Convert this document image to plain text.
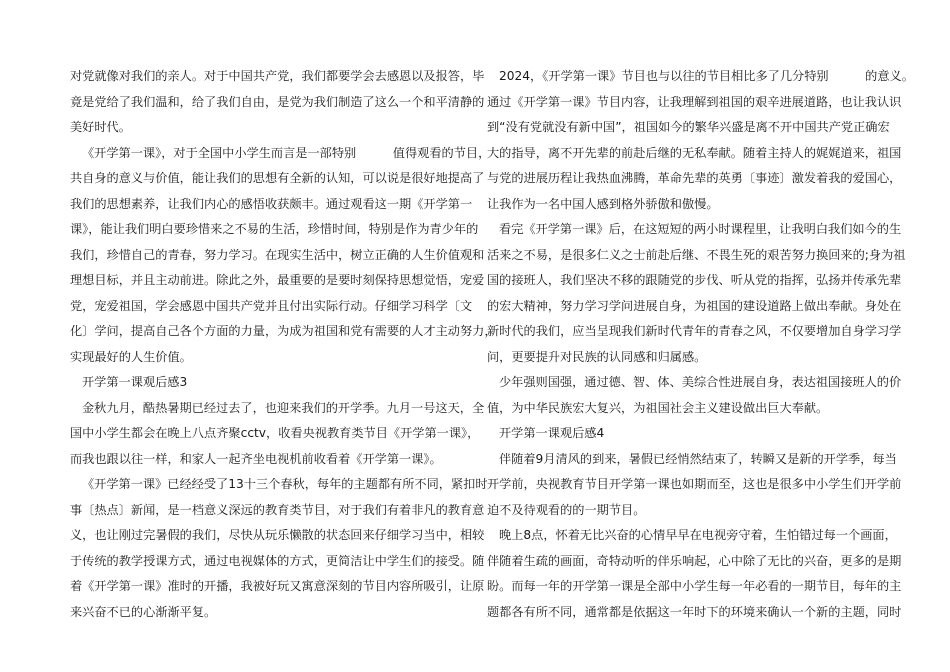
对党就像对我们的亲人。对于中国共产党，我们都要学会去感恩以及报答，毕
竟是党给了我们温和，给了我们自由，是党为我们制造了这么一个和平清静的
美好时代。
《开学第一课》，对于全国中小学生而言是一部特别　　　值得观看的节目，
共自身的意义与价值，能让我们的思想有全新的认知，可以说是很好地提高了
我们的思想素养，让我们内心的感悟收获颇丰。通过观看这一期《开学第一
课》，能让我们明白要珍惜来之不易的生活，珍惜时间，特别是作为青少年的
我们，珍惜自己的青春，努力学习。在现实生活中，树立正确的人生价值观和
理想目标，并且主动前进。除此之外，最重要的是要时刻保持思想觉悟，宠爱
党，宠爱祖国，学会感恩中国共产党并且付出实际行动。仔细学习科学〔文
化〕学问，提高自己各个方面的力量，为成为祖国和党有需要的人才主动努力，
实现最好的人生价值。
开学第一课观后感3
金秋九月，酷热暑期已经过去了，也迎来我们的开学季。九月一号这天，全
国中小学生都会在晚上八点齐聚cctv，收看央视教育类节目《开学第一课》，
而我也跟以往一样，和家人一起齐坐电视机前收看着《开学第一课》。
《开学第一课》已经经受了13十三个春秋，每年的主题都有所不同，紧扣时
事〔热点〕新闻，是一档意义深远的教育类节目，对于我们有着非凡的教育意
义，也让刚过完暑假的我们，尽快从玩乐懒散的状态回来仔细学习当中，相较
于传统的教学授课方式，通过电视媒体的方式，更简洁让中学生们的接受。随
着《开学第一课》准时的开播，我被好玩又寓意深刻的节目内容所吸引，让原
来兴奋不已的心渐渐平复。
2024，《开学第一课》节目也与以往的节目相比多了几分特别　　　的意义。
通过《开学第一课》节目内容，让我理解到祖国的艰辛进展道路，也让我认识
到“没有党就没有新中国”，祖国如今的繁华兴盛是离不开中国共产党正确宏
大的指导，离不开先辈的前赴后继的无私奉献。随着主持人的娓娓道来，祖国
与党的进展历程让我热血沸腾，革命先辈的英勇〔事迹〕激发着我的爱国心，
让我作为一名中国人感到格外骄傲和傲慢。
看完《开学第一课》后，在这短短的两小时课程里，让我明白我们如今的生
活来之不易，是很多仁义之士前赴后继、不畏生死的艰苦努力换回来的;身为祖
国的接班人，我们坚决不移的跟随党的步伐、听从党的指挥，弘扬并传承先辈
的宏大精神，努力学习学问进展自身，为祖国的建设道路上做出奉献。身处在
新时代的我们，应当呈现我们新时代青年的青春之风，不仅要增加自身学习学
问，更要提升对民族的认同感和归属感。
少年强则国强，通过德、智、体、美综合性进展自身，表达祖国接班人的价
值，为中华民族宏大复兴，为祖国社会主义建设做出巨大奉献。
开学第一课观后感4
伴随着9月清风的到来，暑假已经悄然结束了，转瞬又是新的开学季，每当
开学前，央视教育节目开学第一课也如期而至，这也是很多中小学生们开学前
迫不及待观看的的一期节目。
晚上8点，怀着无比兴奋的心情早早在电视旁守着，生怕错过每一个画面，
伴随着生疏的画面，奇特动听的伴乐响起，心中除了无比的兴奋，更多的是期
盼。而每一年的开学第一课是全部中小学生每一年必看的一期节目，每年的主
题都各有所不同，通常都是依据这一年时下的环境来确认一个新的主题，同时
